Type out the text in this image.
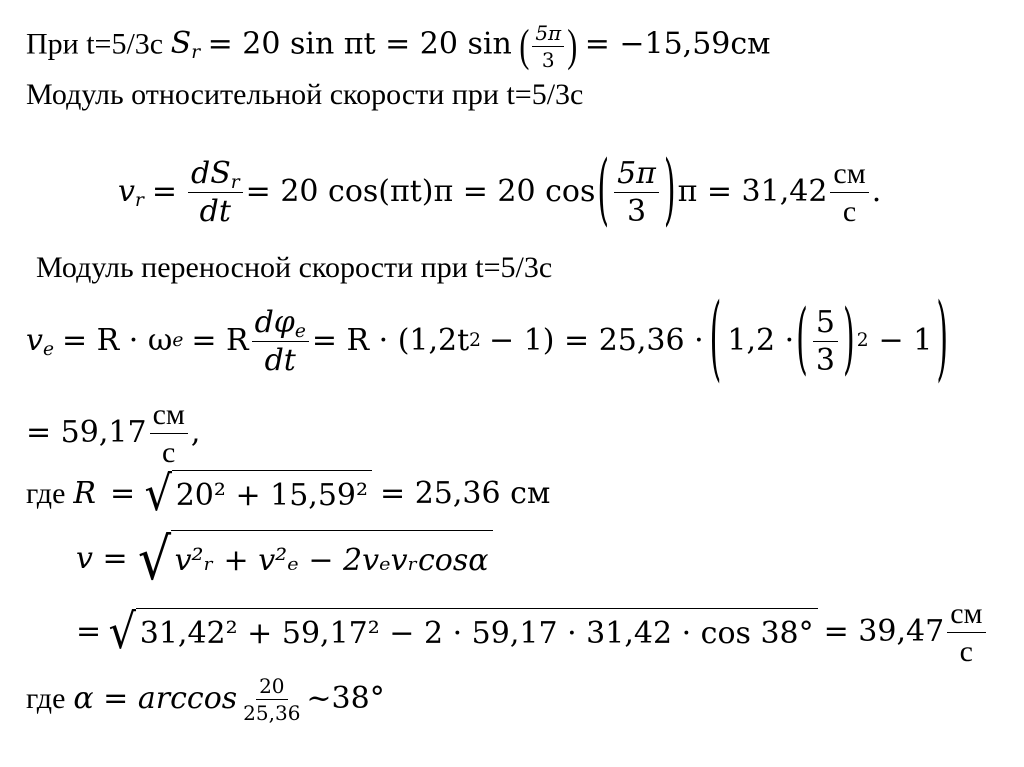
При t=5/3с $S_r = 20$ sin πt = 20 sin ( $\frac{5\pi}{3}$ ) = −15,59см
Модуль относительной скорости при t=5/3с
$v_r = \frac{dS_r}{dt} = 20$ cos(πt)π = 20 cos ( $\frac{5\pi}{3}$ ) $\pi = 31,42 \frac{см}{с}$ .
Модуль переносной скорости при t=5/3с
$v_e = R \cdot \omega$ e = R $\frac{d\varphi_e}{dt} = R \cdot (1,2t$ 2 − 1) = 25,36 · ( 1,2 · ( $\frac{5}{3}$ ) 2 − 1 )
= $59,17 \frac{см}{с}$ ,
где R = √ 20² + 15,59² = 25,36 см
v = √ v²ᵣ + v²ₑ − 2vₑvᵣcosα
= √ $31,42^2 + 59,17^2 - 2 \cdot 59,17 \cdot 31,42 \cdot \cos 38^\circ = 39,47 \frac{см}{с}$
где $\alpha = \arccos \frac{20}{25,36}$ ~38°
